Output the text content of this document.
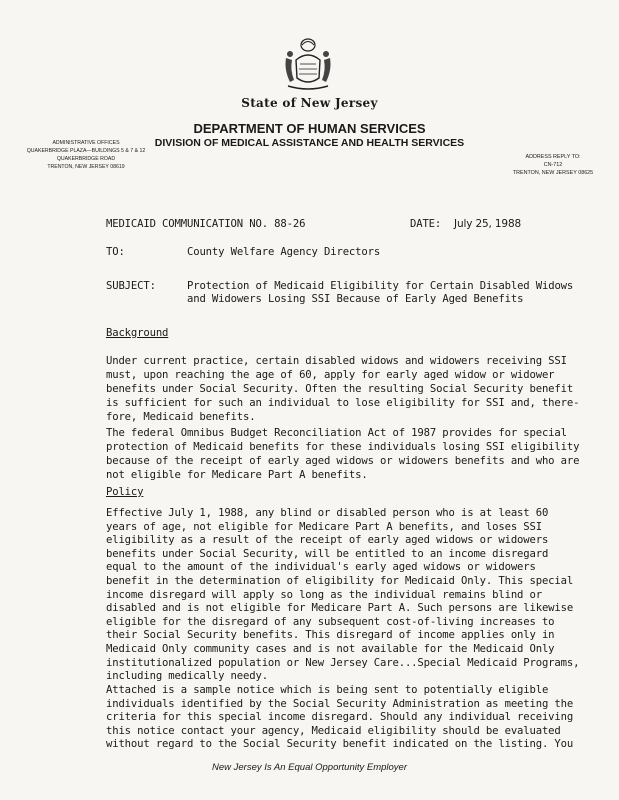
State of New Jersey
DEPARTMENT OF HUMAN SERVICES
DIVISION OF MEDICAL ASSISTANCE AND HEALTH SERVICES
ADMINISTRATIVE OFFICES
QUAKERBRIDGE PLAZA—BUILDINGS 5 & 7 & 12
QUAKERBRIDGE ROAD
TRENTON, NEW JERSEY 08619
ADDRESS REPLY TO:
CN-712
TRENTON, NEW JERSEY 08625
MEDICAID COMMUNICATION NO. 88-26	DATE: July 25, 1988
TO:	County Welfare Agency Directors
SUBJECT:	Protection of Medicaid Eligibility for Certain Disabled Widows
and Widowers Losing SSI Because of Early Aged Benefits
Background
Under current practice, certain disabled widows and widowers receiving SSI
must, upon reaching the age of 60, apply for early aged widow or widower
benefits under Social Security. Often the resulting Social Security benefit
is sufficient for such an individual to lose eligibility for SSI and, there-
fore, Medicaid benefits.
The federal Omnibus Budget Reconciliation Act of 1987 provides for special
protection of Medicaid benefits for these individuals losing SSI eligibility
because of the receipt of early aged widows or widowers benefits and who are
not eligible for Medicare Part A benefits.
Policy
Effective July 1, 1988, any blind or disabled person who is at least 60
years of age, not eligible for Medicare Part A benefits, and loses SSI
eligibility as a result of the receipt of early aged widows or widowers
benefits under Social Security, will be entitled to an income disregard
equal to the amount of the individual's early aged widows or widowers
benefit in the determination of eligibility for Medicaid Only. This special
income disregard will apply so long as the individual remains blind or
disabled and is not eligible for Medicare Part A. Such persons are likewise
eligible for the disregard of any subsequent cost-of-living increases to
their Social Security benefits. This disregard of income applies only in
Medicaid Only community cases and is not available for the Medicaid Only
institutionalized population or New Jersey Care...Special Medicaid Programs,
including medically needy.
Attached is a sample notice which is being sent to potentially eligible
individuals identified by the Social Security Administration as meeting the
criteria for this special income disregard. Should any individual receiving
this notice contact your agency, Medicaid eligibility should be evaluated
without regard to the Social Security benefit indicated on the listing. You
New Jersey Is An Equal Opportunity Employer
